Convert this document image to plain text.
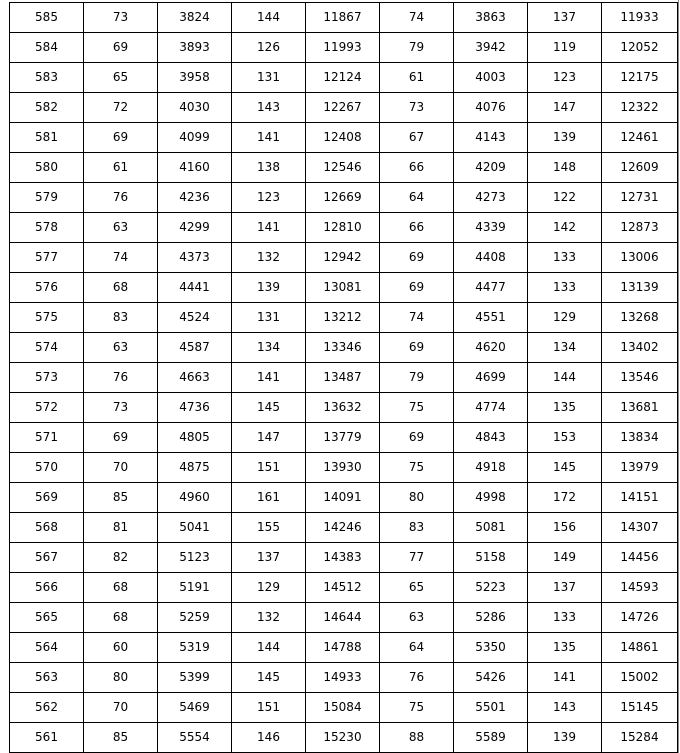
585	73	3824	144	11867	74	3863	137	11933
584	69	3893	126	11993	79	3942	119	12052
583	65	3958	131	12124	61	4003	123	12175
582	72	4030	143	12267	73	4076	147	12322
581	69	4099	141	12408	67	4143	139	12461
580	61	4160	138	12546	66	4209	148	12609
579	76	4236	123	12669	64	4273	122	12731
578	63	4299	141	12810	66	4339	142	12873
577	74	4373	132	12942	69	4408	133	13006
576	68	4441	139	13081	69	4477	133	13139
575	83	4524	131	13212	74	4551	129	13268
574	63	4587	134	13346	69	4620	134	13402
573	76	4663	141	13487	79	4699	144	13546
572	73	4736	145	13632	75	4774	135	13681
571	69	4805	147	13779	69	4843	153	13834
570	70	4875	151	13930	75	4918	145	13979
569	85	4960	161	14091	80	4998	172	14151
568	81	5041	155	14246	83	5081	156	14307
567	82	5123	137	14383	77	5158	149	14456
566	68	5191	129	14512	65	5223	137	14593
565	68	5259	132	14644	63	5286	133	14726
564	60	5319	144	14788	64	5350	135	14861
563	80	5399	145	14933	76	5426	141	15002
562	70	5469	151	15084	75	5501	143	15145
561	85	5554	146	15230	88	5589	139	15284
